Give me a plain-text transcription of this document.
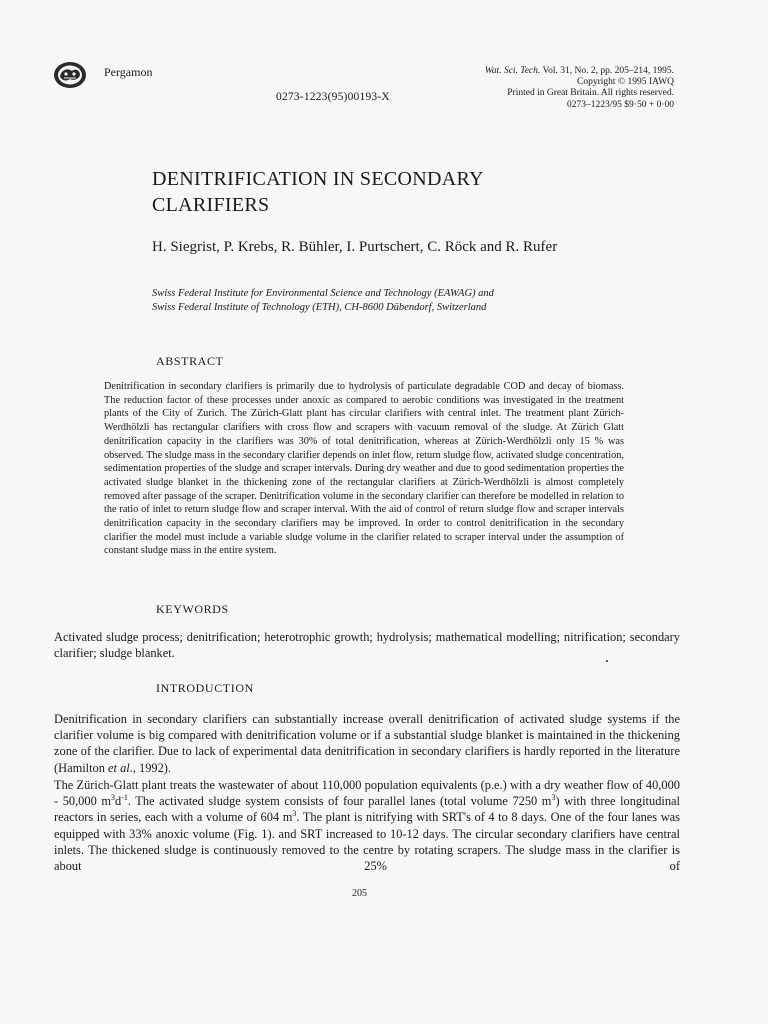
Pergamon
0273-1223(95)00193-X
Wat. Sci. Tech. Vol. 31, No. 2, pp. 205–214, 1995.
Copyright © 1995 IAWQ
Printed in Great Britain. All rights reserved.
0273–1223/95 $9·50 + 0·00
DENITRIFICATION IN SECONDARY CLARIFIERS
H. Siegrist, P. Krebs, R. Bühler, I. Purtschert, C. Röck and R. Rufer
Swiss Federal Institute for Environmental Science and Technology (EAWAG) and
Swiss Federal Institute of Technology (ETH), CH-8600 Dübendorf, Switzerland
ABSTRACT
Denitrification in secondary clarifiers is primarily due to hydrolysis of particulate degradable COD and decay of biomass. The reduction factor of these processes under anoxic as compared to aerobic conditions was investigated in the treatment plants of the City of Zurich. The Zürich-Glatt plant has circular clarifiers with central inlet. The treatment plant Zürich-Werdhölzli has rectangular clarifiers with cross flow and scrapers with vacuum removal of the sludge. At Zürich Glatt denitrification capacity in the clarifiers was 30% of total denitrification, whereas at Zürich-Werdhölzli only 15 % was observed. The sludge mass in the secondary clarifier depends on inlet flow, return sludge flow, activated sludge concentration, sedimentation properties of the sludge and scraper intervals. During dry weather and due to good sedimentation properties the activated sludge blanket in the thickening zone of the rectangular clarifiers at Zürich-Werdhölzli is almost completely removed after passage of the scraper. Denitrification volume in the secondary clarifier can therefore be modelled in relation to the ratio of inlet to return sludge flow and scraper interval. With the aid of control of return sludge flow and scraper intervals denitrification capacity in the secondary clarifiers may be improved. In order to control denitrification in the secondary clarifier the model must include a variable sludge volume in the clarifier related to scraper interval under the assumption of constant sludge mass in the entire system.
KEYWORDS
Activated sludge process; denitrification; heterotrophic growth; hydrolysis; mathematical modelling; nitrification; secondary clarifier; sludge blanket.
INTRODUCTION
Denitrification in secondary clarifiers can substantially increase overall denitrification of activated sludge systems if the clarifier volume is big compared with denitrification volume or if a substantial sludge blanket is maintained in the thickening zone of the clarifier. Due to lack of experimental data denitrification in secondary clarifiers is hardly reported in the literature (Hamilton et al., 1992).
The Zürich-Glatt plant treats the wastewater of about 110,000 population equivalents (p.e.) with a dry weather flow of 40,000 - 50,000 $m^3d^{-1}$. The activated sludge system consists of four parallel lanes (total volume 7250 $m^3$) with three longitudinal reactors in series, each with a volume of 604 $m^3$. The plant is nitrifying with SRT's of 4 to 8 days. One of the four lanes was equipped with 33% anoxic volume (Fig. 1). and SRT increased to 10-12 days. The circular secondary clarifiers have central inlets. The thickened sludge is continuously removed to the centre by rotating scrapers. The sludge mass in the clarifier is about 25% of
205
